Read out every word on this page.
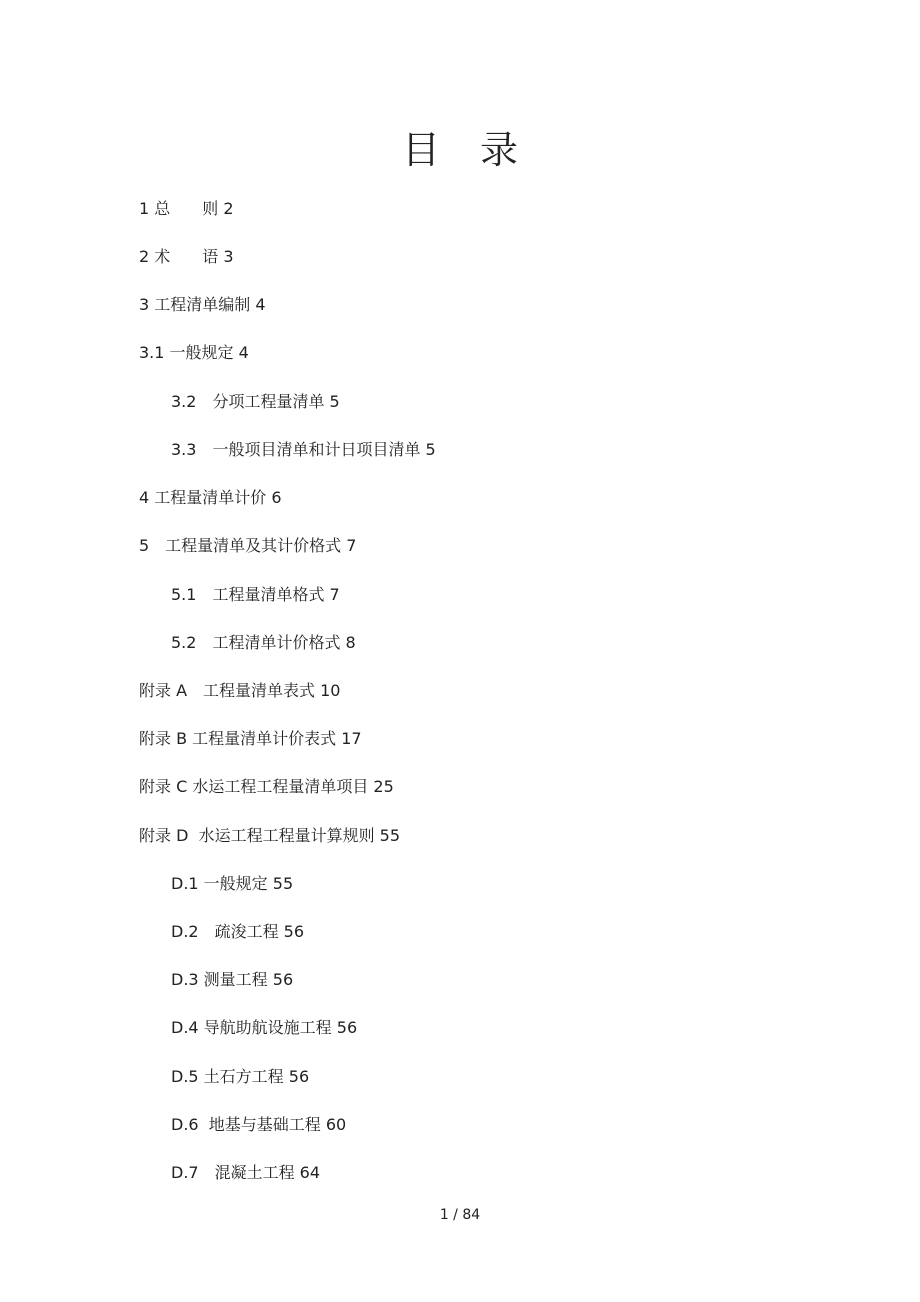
目 录
1 总　　则 2
2 术　　语 3
3 工程清单编制 4
3.1 一般规定 4
3.2　分项工程量清单 5
3.3　一般项目清单和计日项目清单 5
4 工程量清单计价 6
5　工程量清单及其计价格式 7
5.1　工程量清单格式 7
5.2　工程清单计价格式 8
附录 A　工程量清单表式 10
附录 B 工程量清单计价表式 17
附录 C 水运工程工程量清单项目 25
附录 D  水运工程工程量计算规则 55
D.1 一般规定 55
D.2　疏浚工程 56
D.3 测量工程 56
D.4 导航助航设施工程 56
D.5 土石方工程 56
D.6  地基与基础工程 60
D.7　混凝土工程 64
1 / 84
